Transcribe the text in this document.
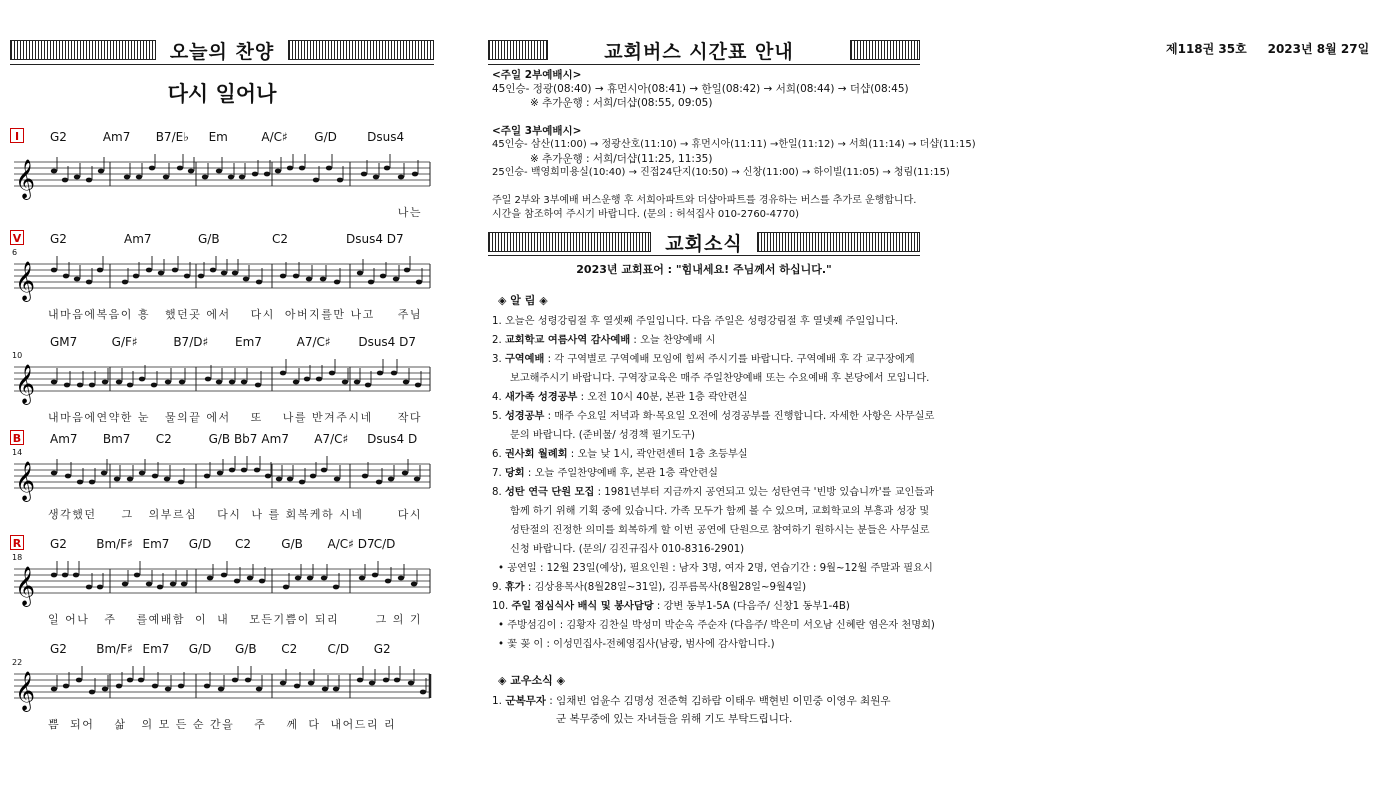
제118권 35호 2023년 8월 27일
오늘의 찬양
다시 일어나
I	G2	Am7 B7/E♭ Em	A/C♯ G/D	Dsus4
𝄞
나는
V
6
G2	Am7	G/B	C2	Dsus4 D7
𝄞
내마음에복음이 흥   했던곳 에서    다시  아버지를만 나고 주님
10
GM7	G/F♯	B7/D♯ Em7	A7/C♯ Dsus4 D7
𝄞
내마음에연약한 눈   물의끝 에서    또    나를 반겨주시네 작다
B
14
Am7 Bm7 C2	G/B Bb7 Am7 A7/C♯ Dsus4 D
𝄞
생각했던     그   의부르심    다시  나 를 회복케하 시네	다시
R
18
G2 Bm/F♯ Em7 G/D C2	G/B A/C♯ D7 C/D
𝄞
일 어나   주    를예배함  이  내    모든기쁨이 되리	그 의 기
22
G2 Bm/F♯ Em7 G/D G/B C2	C/D G2
𝄞
쁨  되어    삶   의 모 든 순 간을    주    께  다  내어드리 리
교회버스 시간표 안내
<주일 2부예배시>
45인승- 정광(08:40) → 휴먼시아(08:41) → 한일(08:42) → 서희(08:44) → 더샵(08:45)
※ 추가운행 : 서희/더샵(08:55, 09:05)
<주일 3부예배시>
45인승- 삼산(11:00) → 정광산호(11:10) → 휴먼시아(11:11) →한일(11:12) → 서희(11:14) → 더샵(11:15)
※ 추가운행 : 서희/더샵(11:25, 11:35)
25인승- 백영희미용실(10:40) → 진접24단지(10:50) → 신창(11:00) → 하이빌(11:05) → 청림(11:15)
주일 2부와 3부예배 버스운행 후 서희아파트와 더샵아파트를 경유하는 버스를 추가로 운행합니다.
시간을 참조하여 주시기 바랍니다. (문의 : 허석집사 010-2760-4770)
교회소식
2023년 교회표어 : "힘내세요! 주님께서 하십니다."
◈ 알 림 ◈
1. 오늘은 성령강림절 후 열셋째 주일입니다. 다음 주일은 성령강림절 후 열넷째 주일입니다.
2. 교회학교 여름사역 감사예배 : 오늘 찬양예배 시
3. 구역예배 : 각 구역별로 구역예배 모임에 힘써 주시기를 바랍니다. 구역예배 후 각 교구장에게
보고해주시기 바랍니다. 구역장교육은 매주 주일찬양예배 또는 수요예배 후 본당에서 모입니다.
4. 새가족 성경공부 : 오전 10시 40분, 본관 1층 곽안련실
5. 성경공부 : 매주 수요일 저녁과 화·목요일 오전에 성경공부를 진행합니다. 자세한 사항은 사무실로
문의 바랍니다. (준비물/ 성경책 필기도구)
6. 권사회 월례회 : 오늘 낮 1시, 곽안련센터 1층 초등부실
7. 당회 : 오늘 주일찬양예배 후, 본관 1층 곽안련실
8. 성탄 연극 단원 모집 : 1981년부터 지금까지 공연되고 있는 성탄연극 '빈방 있습니까'를 교인들과
함께 하기 위해 기획 중에 있습니다. 가족 모두가 함께 볼 수 있으며, 교회학교의 부흥과 성장 및
성탄절의 진정한 의미를 회복하게 할 이번 공연에 단원으로 참여하기 원하시는 분들은 사무실로
신청 바랍니다. (문의/ 김진규집사 010-8316-2901)
• 공연일 : 12월 23일(예상), 필요인원 : 남자 3명, 여자 2명, 연습기간 : 9월~12월 주말과 필요시
9. 휴가 : 김상용목사(8월28일~31일), 김푸름목사(8월28일~9월4일)
10. 주일 점심식사 배식 및 봉사담당 : 강변 동부1-5A (다음주/ 신창1 동부1-4B)
• 주방섬김이 : 김황자 김찬실 박성미 박순옥 주순자 (다음주/ 박은미 서오남 신혜란 염은자 천명희)
• 꽃 꽂 이 : 이성민집사-전혜영집사(남광, 범사에 감사합니다.)
◈ 교우소식 ◈
1. 군복무자 : 임채빈 엄윤수 김명성 전준혁 김하람 이태우 백현빈 이민중 이영우 최원우
군 복무중에 있는 자녀들을 위해 기도 부탁드립니다.
